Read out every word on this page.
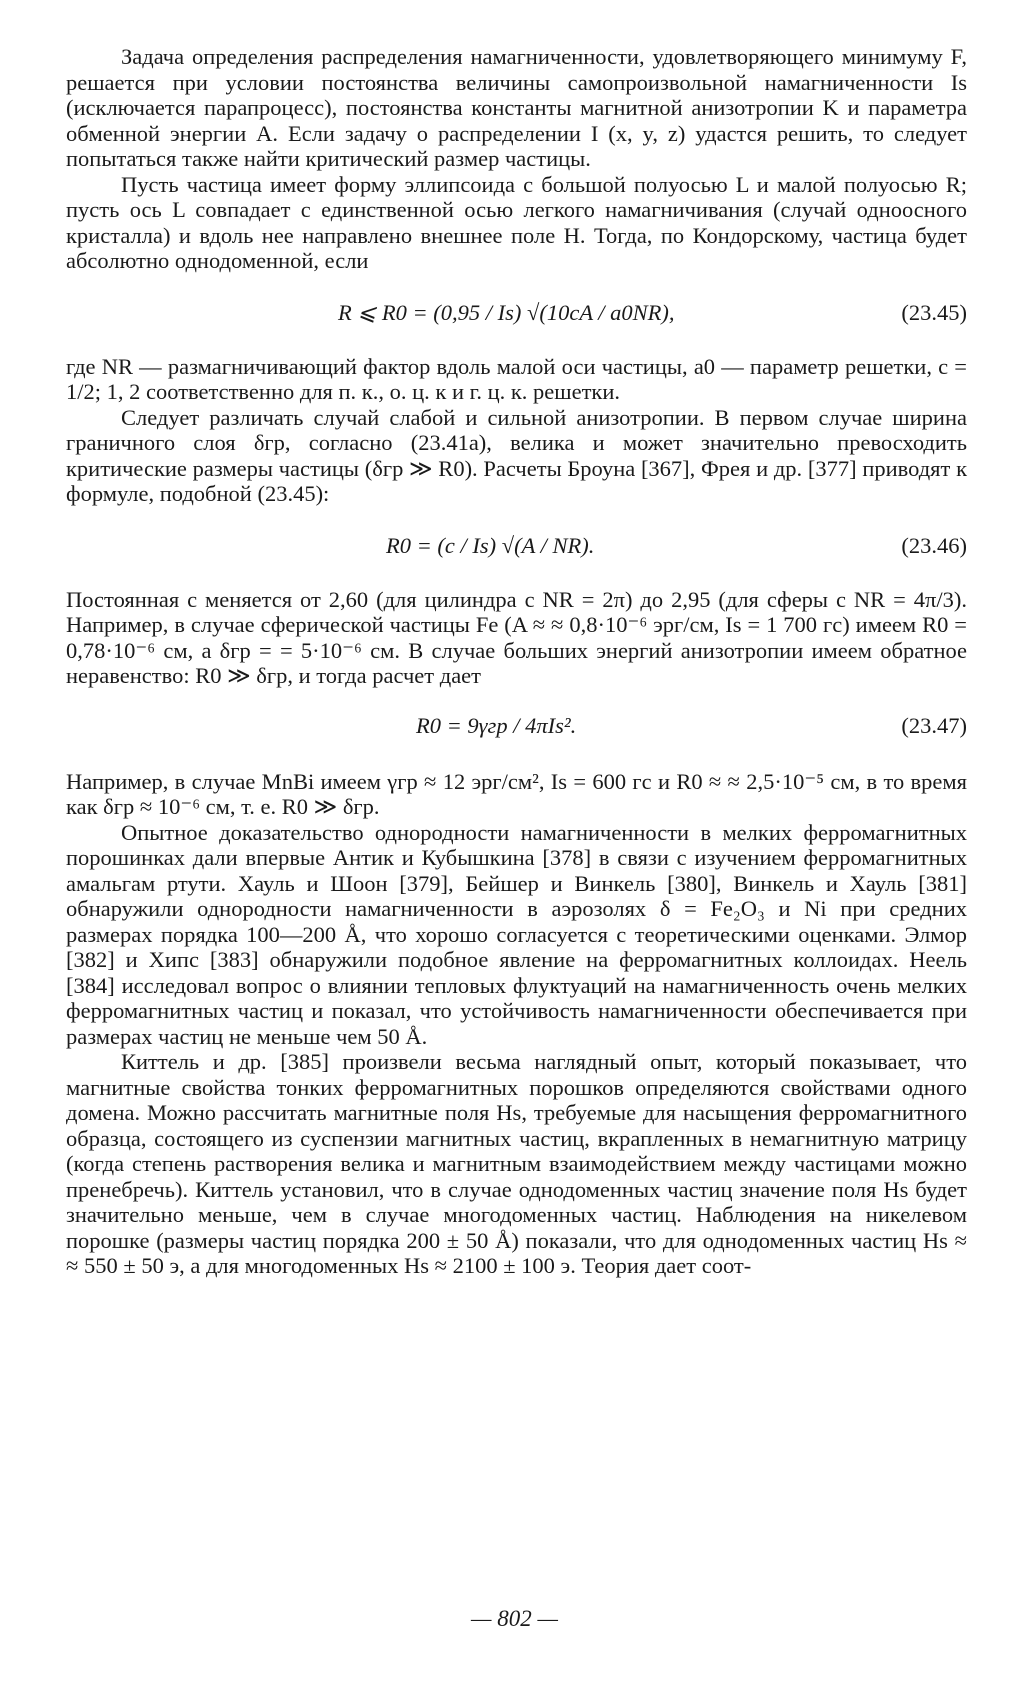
Задача определения распределения намагниченности, удовлетворяющего минимуму F, решается при условии постоянства величины самопроизвольной намагниченности Is (исключается парапроцесс), постоянства константы магнитной анизотропии K и параметра обменной энергии A. Если задачу о распределении I (x, y, z) удастся решить, то следует попытаться также найти критический размер частицы.

Пусть частица имеет форму эллипсоида с большой полуосью L и малой полуосью R; пусть ось L совпадает с единственной осью легкого намагничивания (случай одноосного кристалла) и вдоль нее направлено внешнее поле H. Тогда, по Кондорскому, частица будет абсолютно однодоменной, если

R ⩽ R0 = (0,95 / Is) √(10cA / a0NR),	(23.45)

где NR — размагничивающий фактор вдоль малой оси частицы, a0 — параметр решетки, c = 1/2; 1, 2 соответственно для п. к., о. ц. к и г. ц. к. решетки.

Следует различать случай слабой и сильной анизотропии. В первом случае ширина граничного слоя δгр, согласно (23.41а), велика и может значительно превосходить критические размеры частицы (δгр ≫ R0). Расчеты Броуна [367], Фрея и др. [377] приводят к формуле, подобной (23.45):

R0 = (c / Is) √(A / NR).	(23.46)

Постоянная c меняется от 2,60 (для цилиндра с NR = 2π) до 2,95 (для сферы с NR = 4π/3). Например, в случае сферической частицы Fe (A ≈ ≈ 0,8·10⁻⁶ эрг/см, Is = 1 700 гс) имеем R0 = 0,78·10⁻⁶ см, а δгр = = 5·10⁻⁶ см. В случае больших энергий анизотропии имеем обратное неравенство: R0 ≫ δгр, и тогда расчет дает

R0 = 9γгр / 4πIs².	(23.47)

Например, в случае MnBi имеем γгр ≈ 12 эрг/см², Is = 600 гс и R0 ≈ ≈ 2,5·10⁻⁵ см, в то время как δгр ≈ 10⁻⁶ см, т. е. R0 ≫ δгр.

Опытное доказательство однородности намагниченности в мелких ферромагнитных порошинках дали впервые Антик и Кубышкина [378] в связи с изучением ферромагнитных амальгам ртути. Хауль и Шоон [379], Бейшер и Винкель [380], Винкель и Хауль [381] обнаружили однородности намагниченности в аэрозолях δ = Fe₂O₃ и Ni при средних размерах порядка 100—200 Å, что хорошо согласуется с теоретическими оценками. Элмор [382] и Хипс [383] обнаружили подобное явление на ферромагнитных коллоидах. Неель [384] исследовал вопрос о влиянии тепловых флуктуаций на намагниченность очень мелких ферромагнитных частиц и показал, что устойчивость намагниченности обеспечивается при размерах частиц не меньше чем 50 Å.

Киттель и др. [385] произвели весьма наглядный опыт, который показывает, что магнитные свойства тонких ферромагнитных порошков определяются свойствами одного домена. Можно рассчитать магнитные поля Hs, требуемые для насыщения ферромагнитного образца, состоящего из суспензии магнитных частиц, вкрапленных в немагнитную матрицу (когда степень растворения велика и магнитным взаимодействием между частицами можно пренебречь). Киттель установил, что в случае однодоменных частиц значение поля Hs будет значительно меньше, чем в случае многодоменных частиц. Наблюдения на никелевом порошке (размеры частиц порядка 200 ± 50 Å) показали, что для однодоменных частиц Hs ≈ ≈ 550 ± 50 э, а для многодоменных Hs ≈ 2100 ± 100 э. Теория дает соот-

— 802 —
